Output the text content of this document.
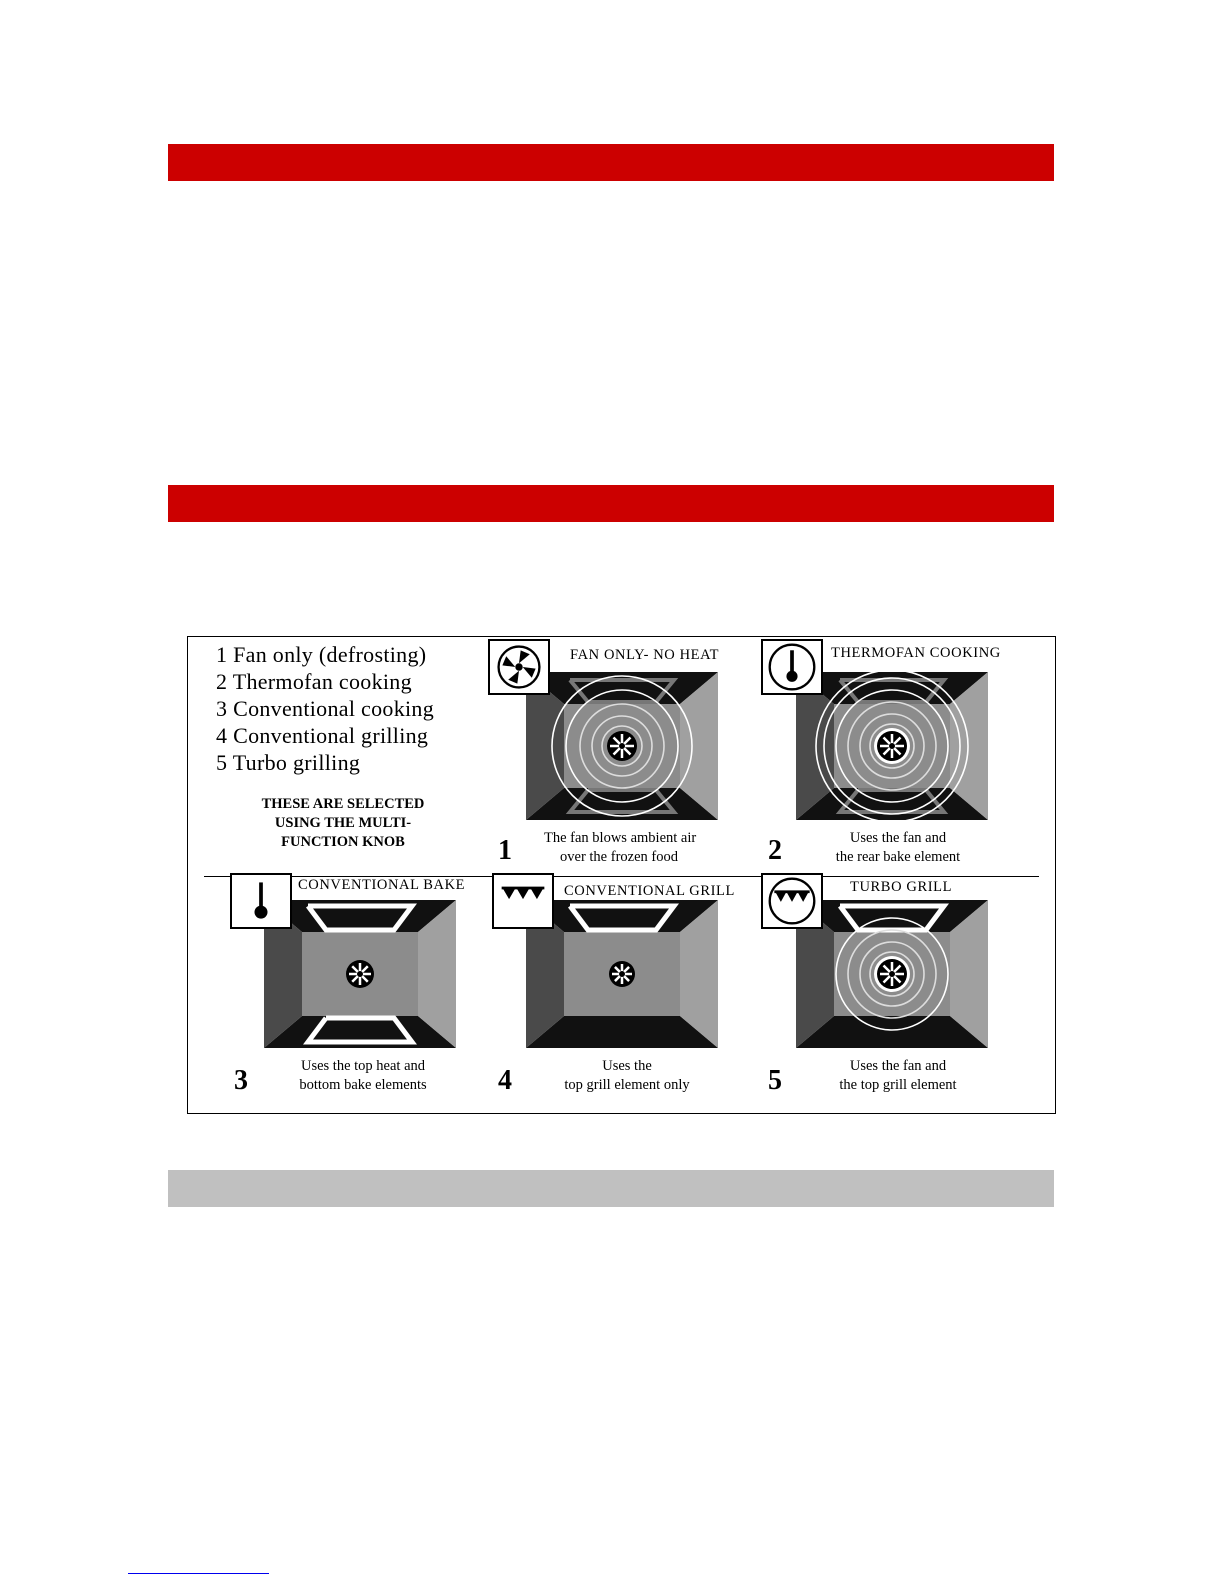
1 Fan only (defrosting)
2 Thermofan cooking
3 Conventional cooking
4 Conventional grilling
5 Turbo grilling
THESE ARE SELECTED
USING THE MULTI-
FUNCTION KNOB
FAN ONLY- NO HEAT
1 The fan blows ambient air
over the frozen food
THERMOFAN COOKING
2	Uses the fan and
the rear bake element
CONVENTIONAL BAKE
3	Uses the top heat and
bottom bake elements
CONVENTIONAL GRILL
4	Uses the
top grill element only
TURBO GRILL
5	Uses the fan and
the top grill element
